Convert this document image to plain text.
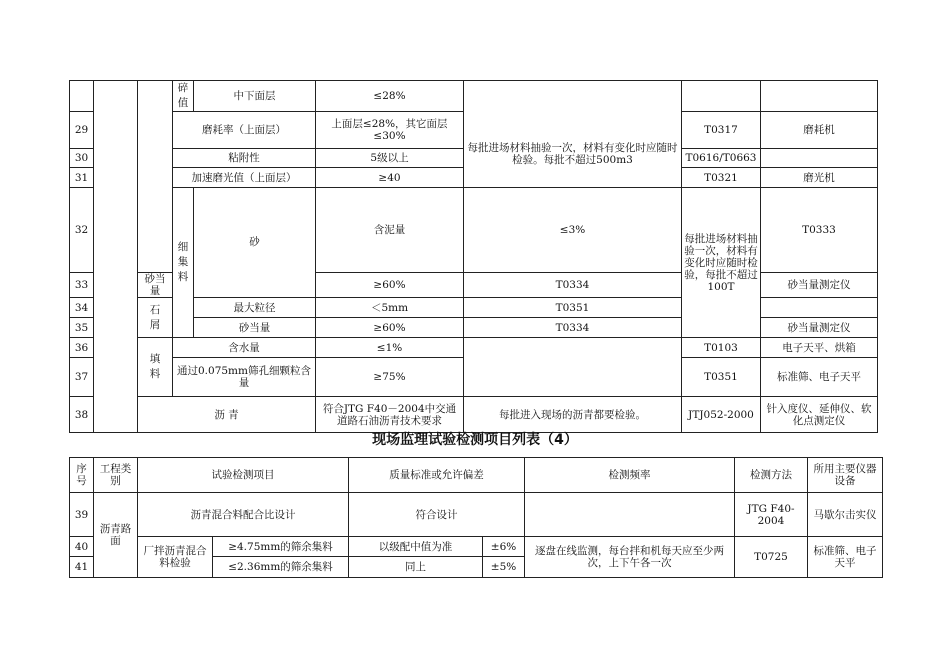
			碎值	中下面层	≤28%	每批进场材料抽验一次，材料有变化时应随时检验。每批不超过500m3			
29			磨耗率（上面层）		上面层≤28%，其它面层≤30%		T0317	磨耗机	
30			粘附性		5级以上		T0616/T0663		
31			加速磨光值（上面层）		≥40		T0321	磨光机	
32			细集料	砂	含泥量	≤3%	每批进场材料抽验一次，材料有变化时应随时检验，每批不超过100T	T0333	
33		砂当量			≥60%	T0334		砂当量测定仪	
34		石屑		最大粒径	＜5mm	T0351			
35				砂当量	≥60%	T0334		砂当量测定仪	
36		填料	含水量		≤1%		T0103	电子天平、烘箱	
37			通过0.075mm筛孔细颗粒含量		≥75%		T0351	标准筛、电子天平	
38		沥 青			符合JTG F40－2004中交通道路石油沥青技术要求	每批进入现场的沥青都要检验。	JTJ052-2000	针入度仪、延伸仪、软化点测定仪	
现场监理试验检测项目列表（4）
序号	工程类别	试验检测项目		质量标准或允许偏差		检测频率	检测方法	所用主要仪器设备
39	沥青路面	沥青混合料配合比设计		符合设计			JTG F40-2004	马歇尔击实仪
40		厂拌沥青混合料检验	≥4.75mm的筛余集料	以级配中值为准	±6%	逐盘在线监测，每台拌和机每天应至少两次，上下午各一次	T0725	标准筛、电子天平
41			≤2.36mm的筛余集料	同上	±5%			
